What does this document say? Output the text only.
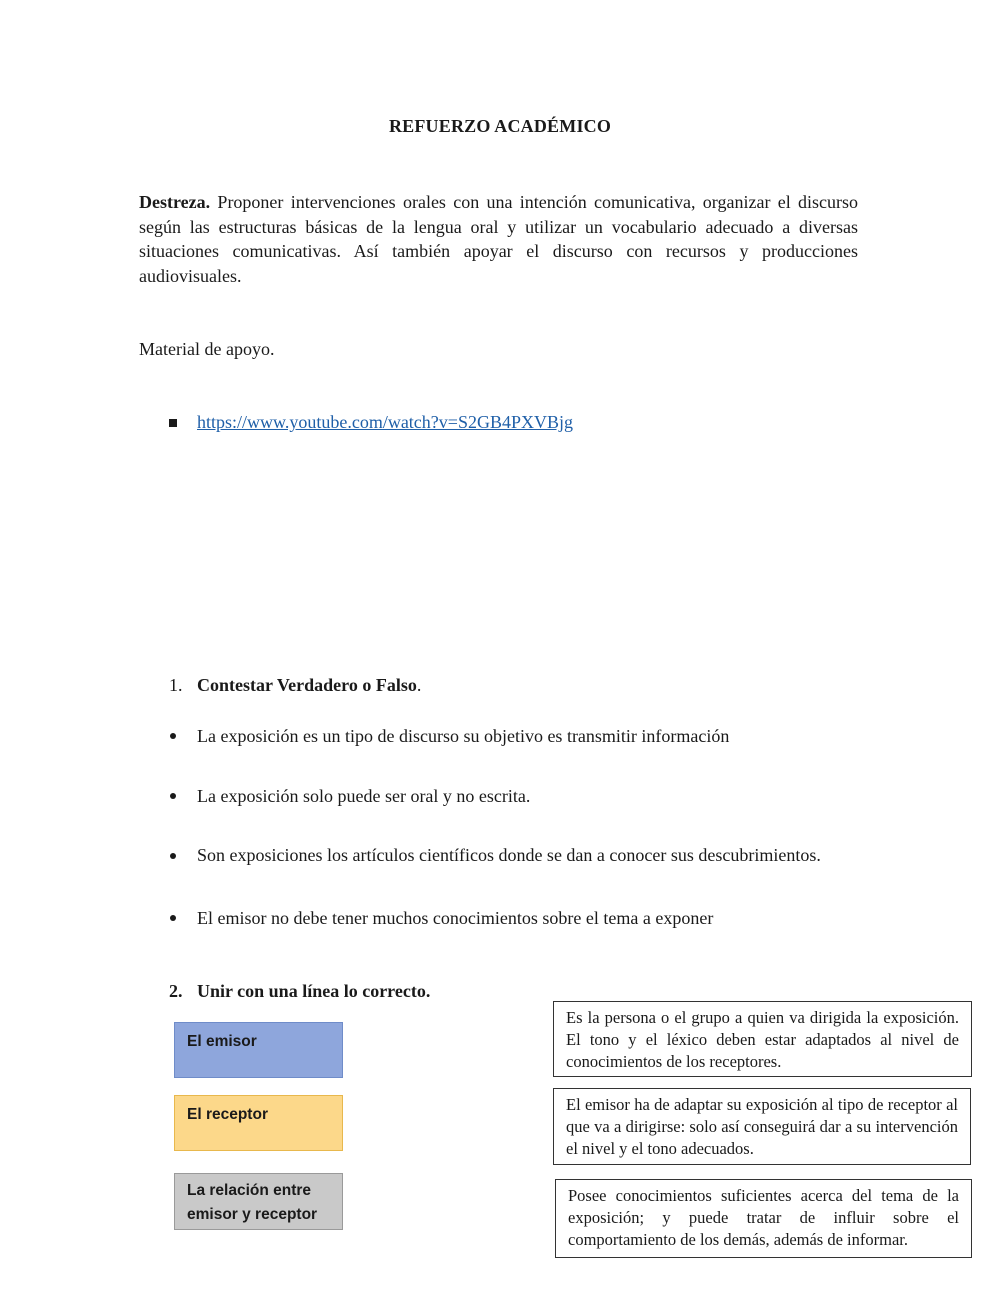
REFUERZO ACADÉMICO
Destreza. Proponer intervenciones orales con una intención comunicativa, organizar el discurso según las estructuras básicas de la lengua oral y utilizar un vocabulario adecuado a diversas situaciones comunicativas. Así también apoyar el discurso con recursos y producciones audiovisuales.
Material de apoyo.
https://www.youtube.com/watch?v=S2GB4PXVBjg
1. Contestar Verdadero o Falso.
La exposición es un tipo de discurso su objetivo es transmitir información
La exposición solo puede ser oral y no escrita.
Son exposiciones los artículos científicos donde se dan a conocer sus descubrimientos.
El emisor no debe tener muchos conocimientos sobre el tema a exponer
2. Unir con una línea lo correcto.
El emisor
El receptor
La relación entre emisor y receptor
Es la persona o el grupo a quien va dirigida la exposición. El tono y el léxico deben estar adaptados al nivel de conocimientos de los receptores.
El emisor ha de adaptar su exposición al tipo de receptor al que va a dirigirse: solo así conseguirá dar a su intervención el nivel y el tono adecuados.
Posee conocimientos suficientes acerca del tema de la exposición; y puede tratar de influir sobre el comportamiento de los demás, además de informar.
